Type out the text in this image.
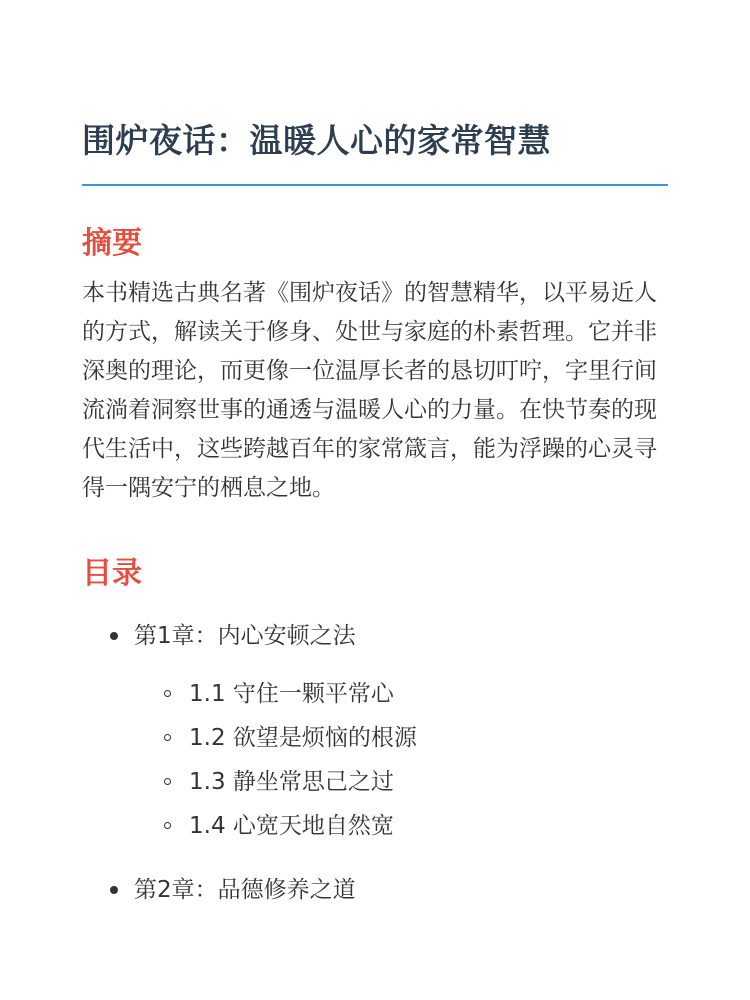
围炉夜话：温暖人心的家常智慧
摘要

本书精选古典名著《围炉夜话》的智慧精华，以平易近人的方式，解读关于修身、处世与家庭的朴素哲理。它并非深奥的理论，而更像一位温厚长者的恳切叮咛，字里行间流淌着洞察世事的通透与温暖人心的力量。在快节奏的现代生活中，这些跨越百年的家常箴言，能为浮躁的心灵寻得一隅安宁的栖息之地。

目录
第1章：内心安顿之法
1.1 守住一颗平常心
1.2 欲望是烦恼的根源
1.3 静坐常思己之过
1.4 心宽天地自然宽
第2章：品德修养之道
